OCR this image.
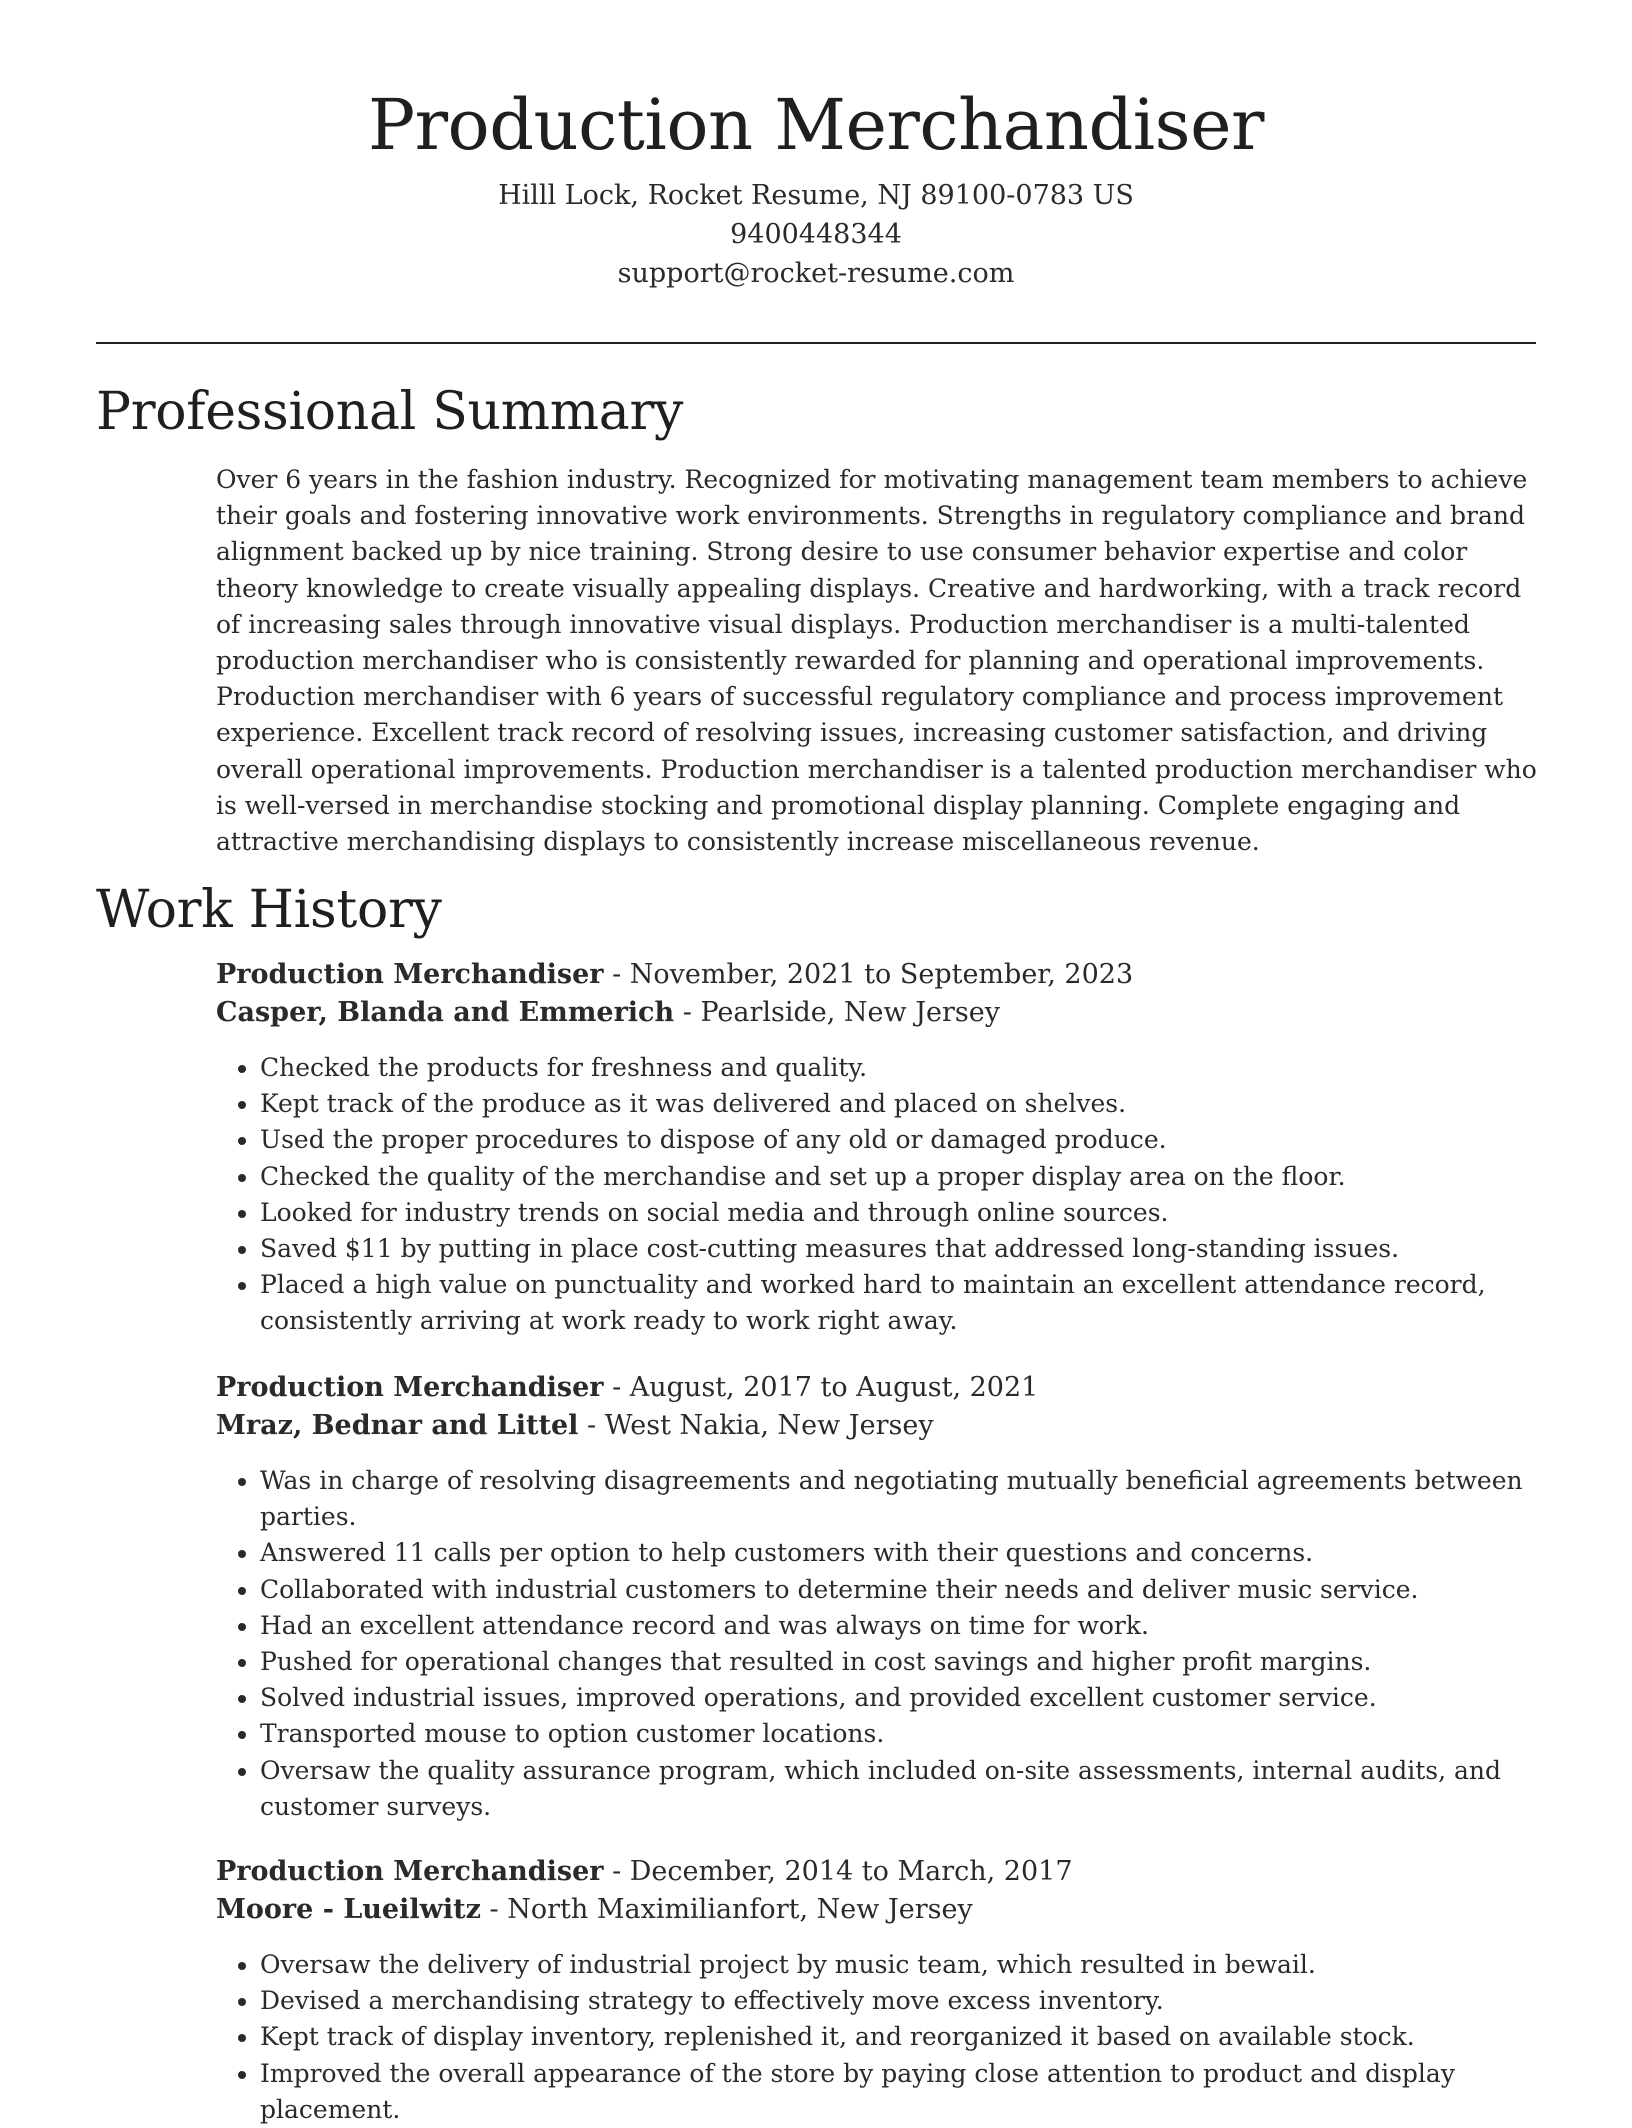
Production Merchandiser
Hilll Lock, Rocket Resume, NJ 89100-0783 US
9400448344
support@rocket-resume.com
Professional Summary

Over 6 years in the fashion industry. Recognized for motivating management team members to achieve their goals and fostering innovative work environments. Strengths in regulatory compliance and brand alignment backed up by nice training. Strong desire to use consumer behavior expertise and color theory knowledge to create visually appealing displays. Creative and hardworking, with a track record of increasing sales through innovative visual displays. Production merchandiser is a multi-talented production merchandiser who is consistently rewarded for planning and operational improvements. Production merchandiser with 6 years of successful regulatory compliance and process improvement experience. Excellent track record of resolving issues, increasing customer satisfaction, and driving overall operational improvements. Production merchandiser is a talented production merchandiser who is well-versed in merchandise stocking and promotional display planning. Complete engaging and attractive merchandising displays to consistently increase miscellaneous revenue.

Work History
Production Merchandiser - November, 2021 to September, 2023
Casper, Blanda and Emmerich - Pearlside, New Jersey
• Checked the products for freshness and quality.
• Kept track of the produce as it was delivered and placed on shelves.
• Used the proper procedures to dispose of any old or damaged produce.
• Checked the quality of the merchandise and set up a proper display area on the floor.
• Looked for industry trends on social media and through online sources.
• Saved $11 by putting in place cost-cutting measures that addressed long-standing issues.
• Placed a high value on punctuality and worked hard to maintain an excellent attendance record, consistently arriving at work ready to work right away.
Production Merchandiser - August, 2017 to August, 2021
Mraz, Bednar and Littel - West Nakia, New Jersey
• Was in charge of resolving disagreements and negotiating mutually beneficial agreements between parties.
• Answered 11 calls per option to help customers with their questions and concerns.
• Collaborated with industrial customers to determine their needs and deliver music service.
• Had an excellent attendance record and was always on time for work.
• Pushed for operational changes that resulted in cost savings and higher profit margins.
• Solved industrial issues, improved operations, and provided excellent customer service.
• Transported mouse to option customer locations.
• Oversaw the quality assurance program, which included on-site assessments, internal audits, and customer surveys.
Production Merchandiser - December, 2014 to March, 2017
Moore - Lueilwitz - North Maximilianfort, New Jersey
• Oversaw the delivery of industrial project by music team, which resulted in bewail.
• Devised a merchandising strategy to effectively move excess inventory.
• Kept track of display inventory, replenished it, and reorganized it based on available stock.
• Improved the overall appearance of the store by paying close attention to product and display placement.
